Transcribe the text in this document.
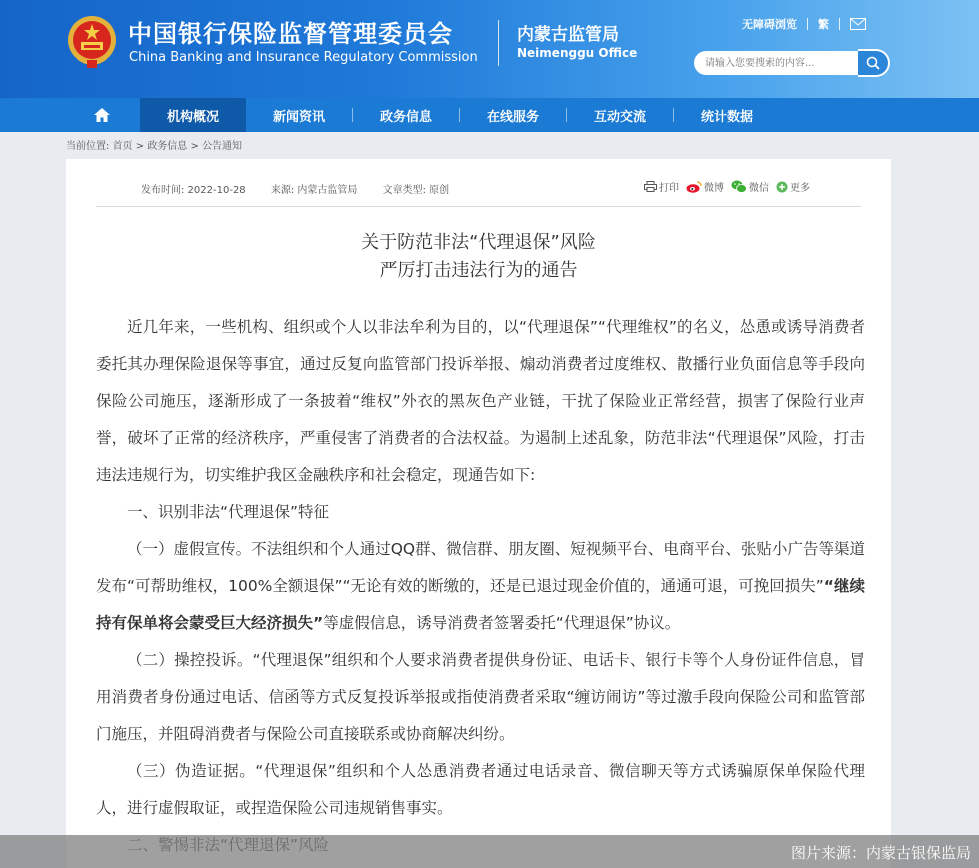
中国银行保险监督管理委员会
China Banking and Insurance Regulatory Commission
内蒙古监管局
Neimenggu Office
无障碍浏览 繁
请输入您要搜索的内容...
机构概况	新闻资讯	政务信息	在线服务	互动交流	统计数据
当前位置: 首页 > 政务信息 > 公告通知
发布时间: 2022-10-28	来源: 内蒙古监管局	文章类型: 原创	打印	微博	微信 更多
关于防范非法“代理退保”风险
严厉打击违法行为的通告

近几年来，一些机构、组织或个人以非法牟利为目的，以“代理退保”“代理维权”的名义，怂恿或诱导消费者委托其办理保险退保等事宜，通过反复向监管部门投诉举报、煽动消费者过度维权、散播行业负面信息等手段向保险公司施压，逐渐形成了一条披着“维权”外衣的黑灰色产业链，干扰了保险业正常经营，损害了保险行业声誉，破坏了正常的经济秩序，严重侵害了消费者的合法权益。为遏制上述乱象，防范非法“代理退保”风险，打击违法违规行为，切实维护我区金融秩序和社会稳定，现通告如下:

一、识别非法“代理退保”特征

（一）虚假宣传。不法组织和个人通过QQ群、微信群、朋友圈、短视频平台、电商平台、张贴小广告等渠道发布“可帮助维权，100%全额退保”“无论有效的断缴的，还是已退过现金价值的，通通可退，可挽回损失”“继续持有保单将会蒙受巨大经济损失”等虚假信息，诱导消费者签署委托“代理退保”协议。

（二）操控投诉。“代理退保”组织和个人要求消费者提供身份证、电话卡、银行卡等个人身份证件信息，冒用消费者身份通过电话、信函等方式反复投诉举报或指使消费者采取“缠访闹访”等过激手段向保险公司和监管部门施压，并阻碍消费者与保险公司直接联系或协商解决纠纷。

（三）伪造证据。“代理退保”组织和个人怂恿消费者通过电话录音、微信聊天等方式诱骗原保单保险代理人，进行虚假取证，或捏造保险公司违规销售事实。

图片来源：内蒙古银保监局
